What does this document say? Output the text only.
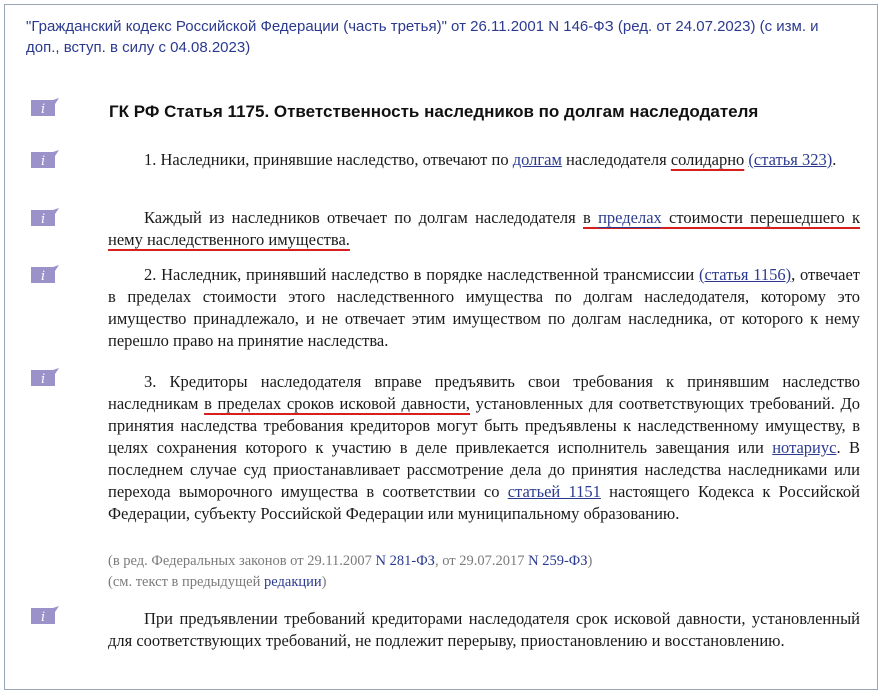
"Гражданский кодекс Российской Федерации (часть третья)" от 26.11.2001 N 146-ФЗ (ред. от 24.07.2023) (с изм. и доп., вступ. в силу с 04.08.2023)
i
i
i
i
i
i
ГК РФ Статья 1175. Ответственность наследников по долгам наследодателя

1. Наследники, принявшие наследство, отвечают по долгам наследодателя солидарно (статья 323).

Каждый из наследников отвечает по долгам наследодателя в пределах стоимости перешедшего к нему наследственного имущества.

2. Наследник, принявший наследство в порядке наследственной трансмиссии (статья 1156), отвечает в пределах стоимости этого наследственного имущества по долгам наследодателя, которому это имущество принадлежало, и не отвечает этим имуществом по долгам наследника, от которого к нему перешло право на принятие наследства.

3. Кредиторы наследодателя вправе предъявить свои требования к принявшим наследство наследникам в пределах сроков исковой давности, установленных для соответствующих требований. До принятия наследства требования кредиторов могут быть предъявлены к наследственному имуществу, в целях сохранения которого к участию в деле привлекается исполнитель завещания или нотариус. В последнем случае суд приостанавливает рассмотрение дела до принятия наследства наследниками или перехода выморочного имущества в соответствии со статьей 1151 настоящего Кодекса к Российской Федерации, субъекту Российской Федерации или муниципальному образованию.

(в ред. Федеральных законов от 29.11.2007 N 281-ФЗ, от 29.07.2017 N 259-ФЗ)
(см. текст в предыдущей редакции)

При предъявлении требований кредиторами наследодателя срок исковой давности, установленный для соответствующих требований, не подлежит перерыву, приостановлению и восстановлению.
